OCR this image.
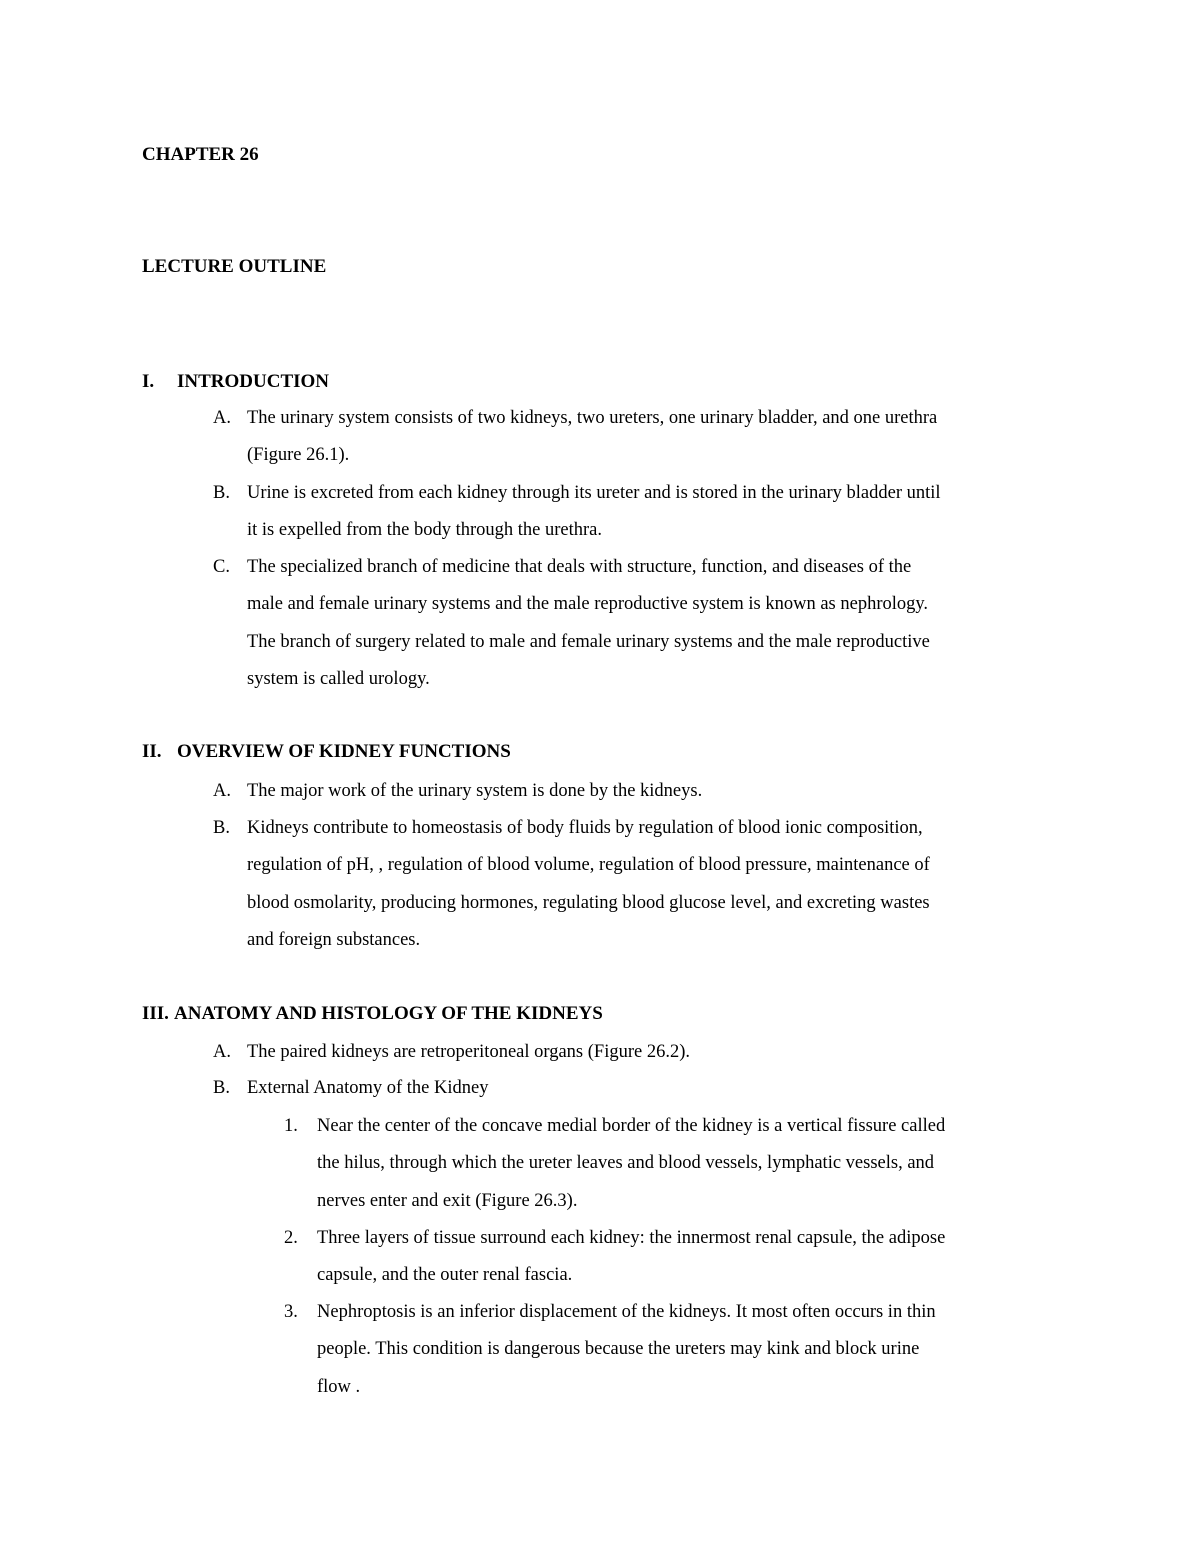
CHAPTER 26
LECTURE OUTLINE
I. INTRODUCTION
A. The urinary system consists of two kidneys, two ureters, one urinary bladder, and one urethra
(Figure 26.1).
B. Urine is excreted from each kidney through its ureter and is stored in the urinary bladder until
it is expelled from the body through the urethra.
C. The specialized branch of medicine that deals with structure, function, and diseases of the
male and female urinary systems and the male reproductive system is known as nephrology.
The branch of surgery related to male and female urinary systems and the male reproductive
system is called urology.
II. OVERVIEW OF KIDNEY FUNCTIONS
A. The major work of the urinary system is done by the kidneys.
B. Kidneys contribute to homeostasis of body fluids by regulation of blood ionic composition,
regulation of pH, , regulation of blood volume, regulation of blood pressure, maintenance of
blood osmolarity, producing hormones, regulating blood glucose level, and excreting wastes
and foreign substances.
III. ANATOMY AND HISTOLOGY OF THE KIDNEYS
A. The paired kidneys are retroperitoneal organs (Figure 26.2).
B. External Anatomy of the Kidney
1. Near the center of the concave medial border of the kidney is a vertical fissure called
the hilus, through which the ureter leaves and blood vessels, lymphatic vessels, and
nerves enter and exit (Figure 26.3).
2. Three layers of tissue surround each kidney: the innermost renal capsule, the adipose
capsule, and the outer renal fascia.
3. Nephroptosis is an inferior displacement of the kidneys. It most often occurs in thin
people. This condition is dangerous because the ureters may kink and block urine
flow .
